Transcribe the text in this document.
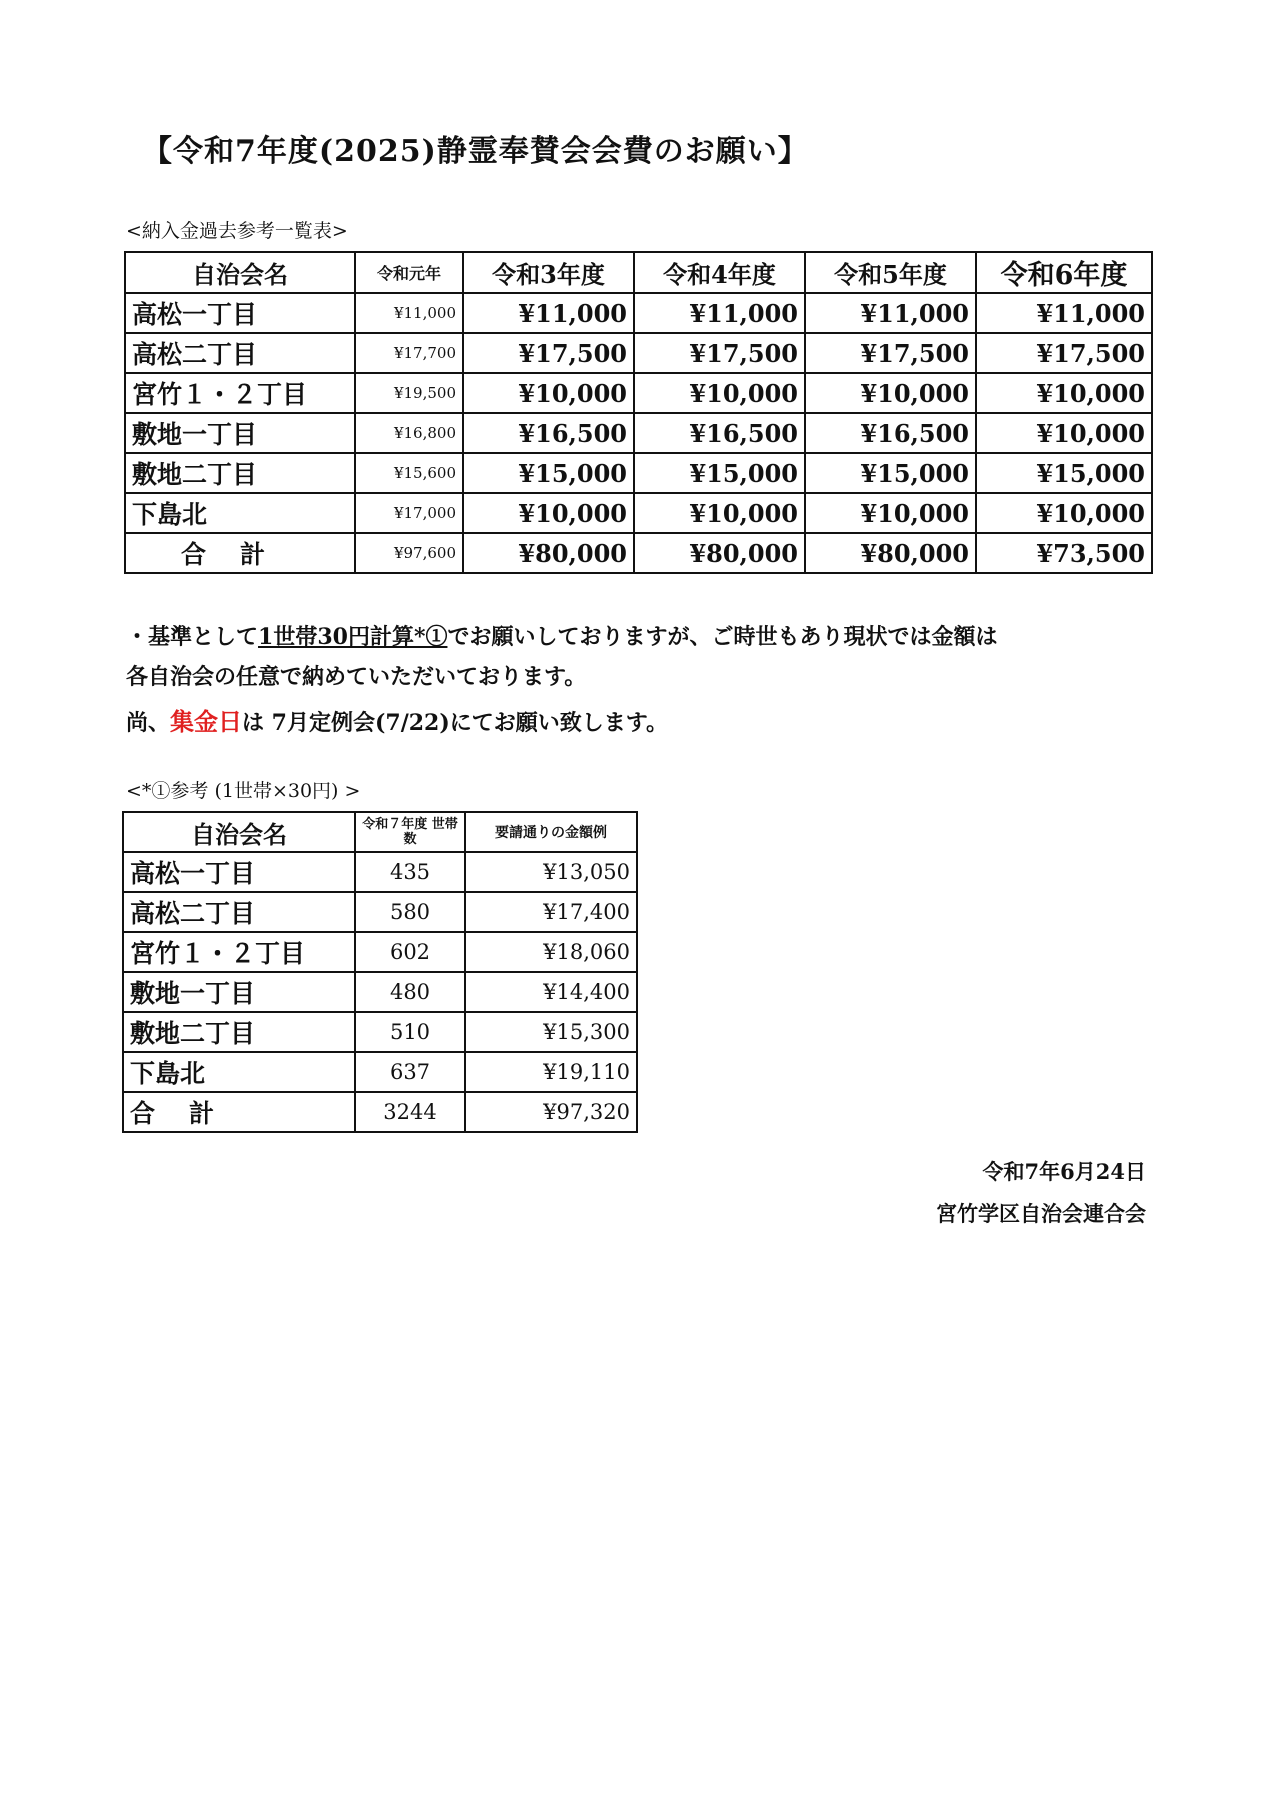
【令和7年度(2025)静霊奉賛会会費のお願い】
<納入金過去参考一覧表>
自治会名	令和元年	令和3年度	令和4年度	令和5年度	令和6年度
高松一丁目	¥11,000	¥11,000	¥11,000	¥11,000	¥11,000
高松二丁目	¥17,700	¥17,500	¥17,500	¥17,500	¥17,500
宮竹１・２丁目	¥19,500	¥10,000	¥10,000	¥10,000	¥10,000
敷地一丁目	¥16,800	¥16,500	¥16,500	¥16,500	¥10,000
敷地二丁目	¥15,600	¥15,000	¥15,000	¥15,000	¥15,000
下島北	¥17,000	¥10,000	¥10,000	¥10,000	¥10,000
合計	¥97,600	¥80,000	¥80,000	¥80,000	¥73,500
・基準として1世帯30円計算*①でお願いしておりますが、ご時世もあり現状では金額は
各自治会の任意で納めていただいております。
尚、集金日は 7月定例会(7/22)にてお願い致します。
<*①参考 (1世帯×30円) >
自治会名	令和７年度 世帯数	要請通りの金額例
高松一丁目	435	¥13,050
高松二丁目	580	¥17,400
宮竹１・２丁目	602	¥18,060
敷地一丁目	480	¥14,400
敷地二丁目	510	¥15,300
下島北	637	¥19,110
合計	3244	¥97,320
令和7年6月24日
宮竹学区自治会連合会
